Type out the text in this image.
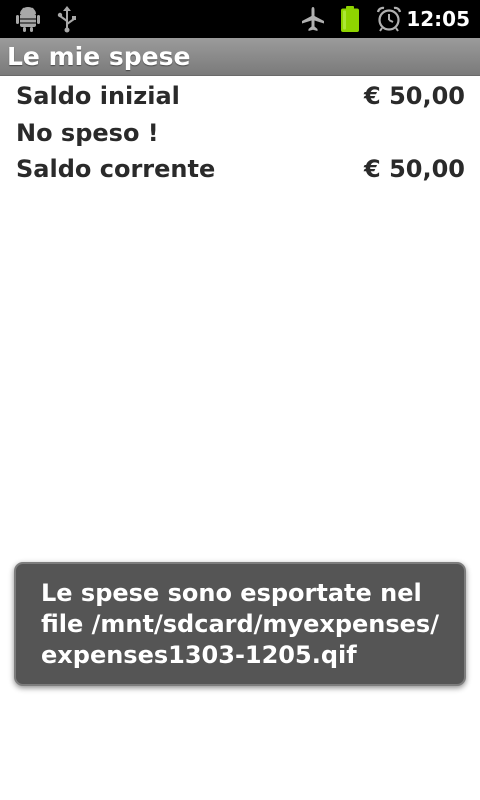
12:05
Le mie spese
Saldo inizial	€ 50,00
No speso !
Saldo corrente	€ 50,00
Le spese sono esportate nel
file /mnt/sdcard/myexpenses/
expenses1303-1205.qif
